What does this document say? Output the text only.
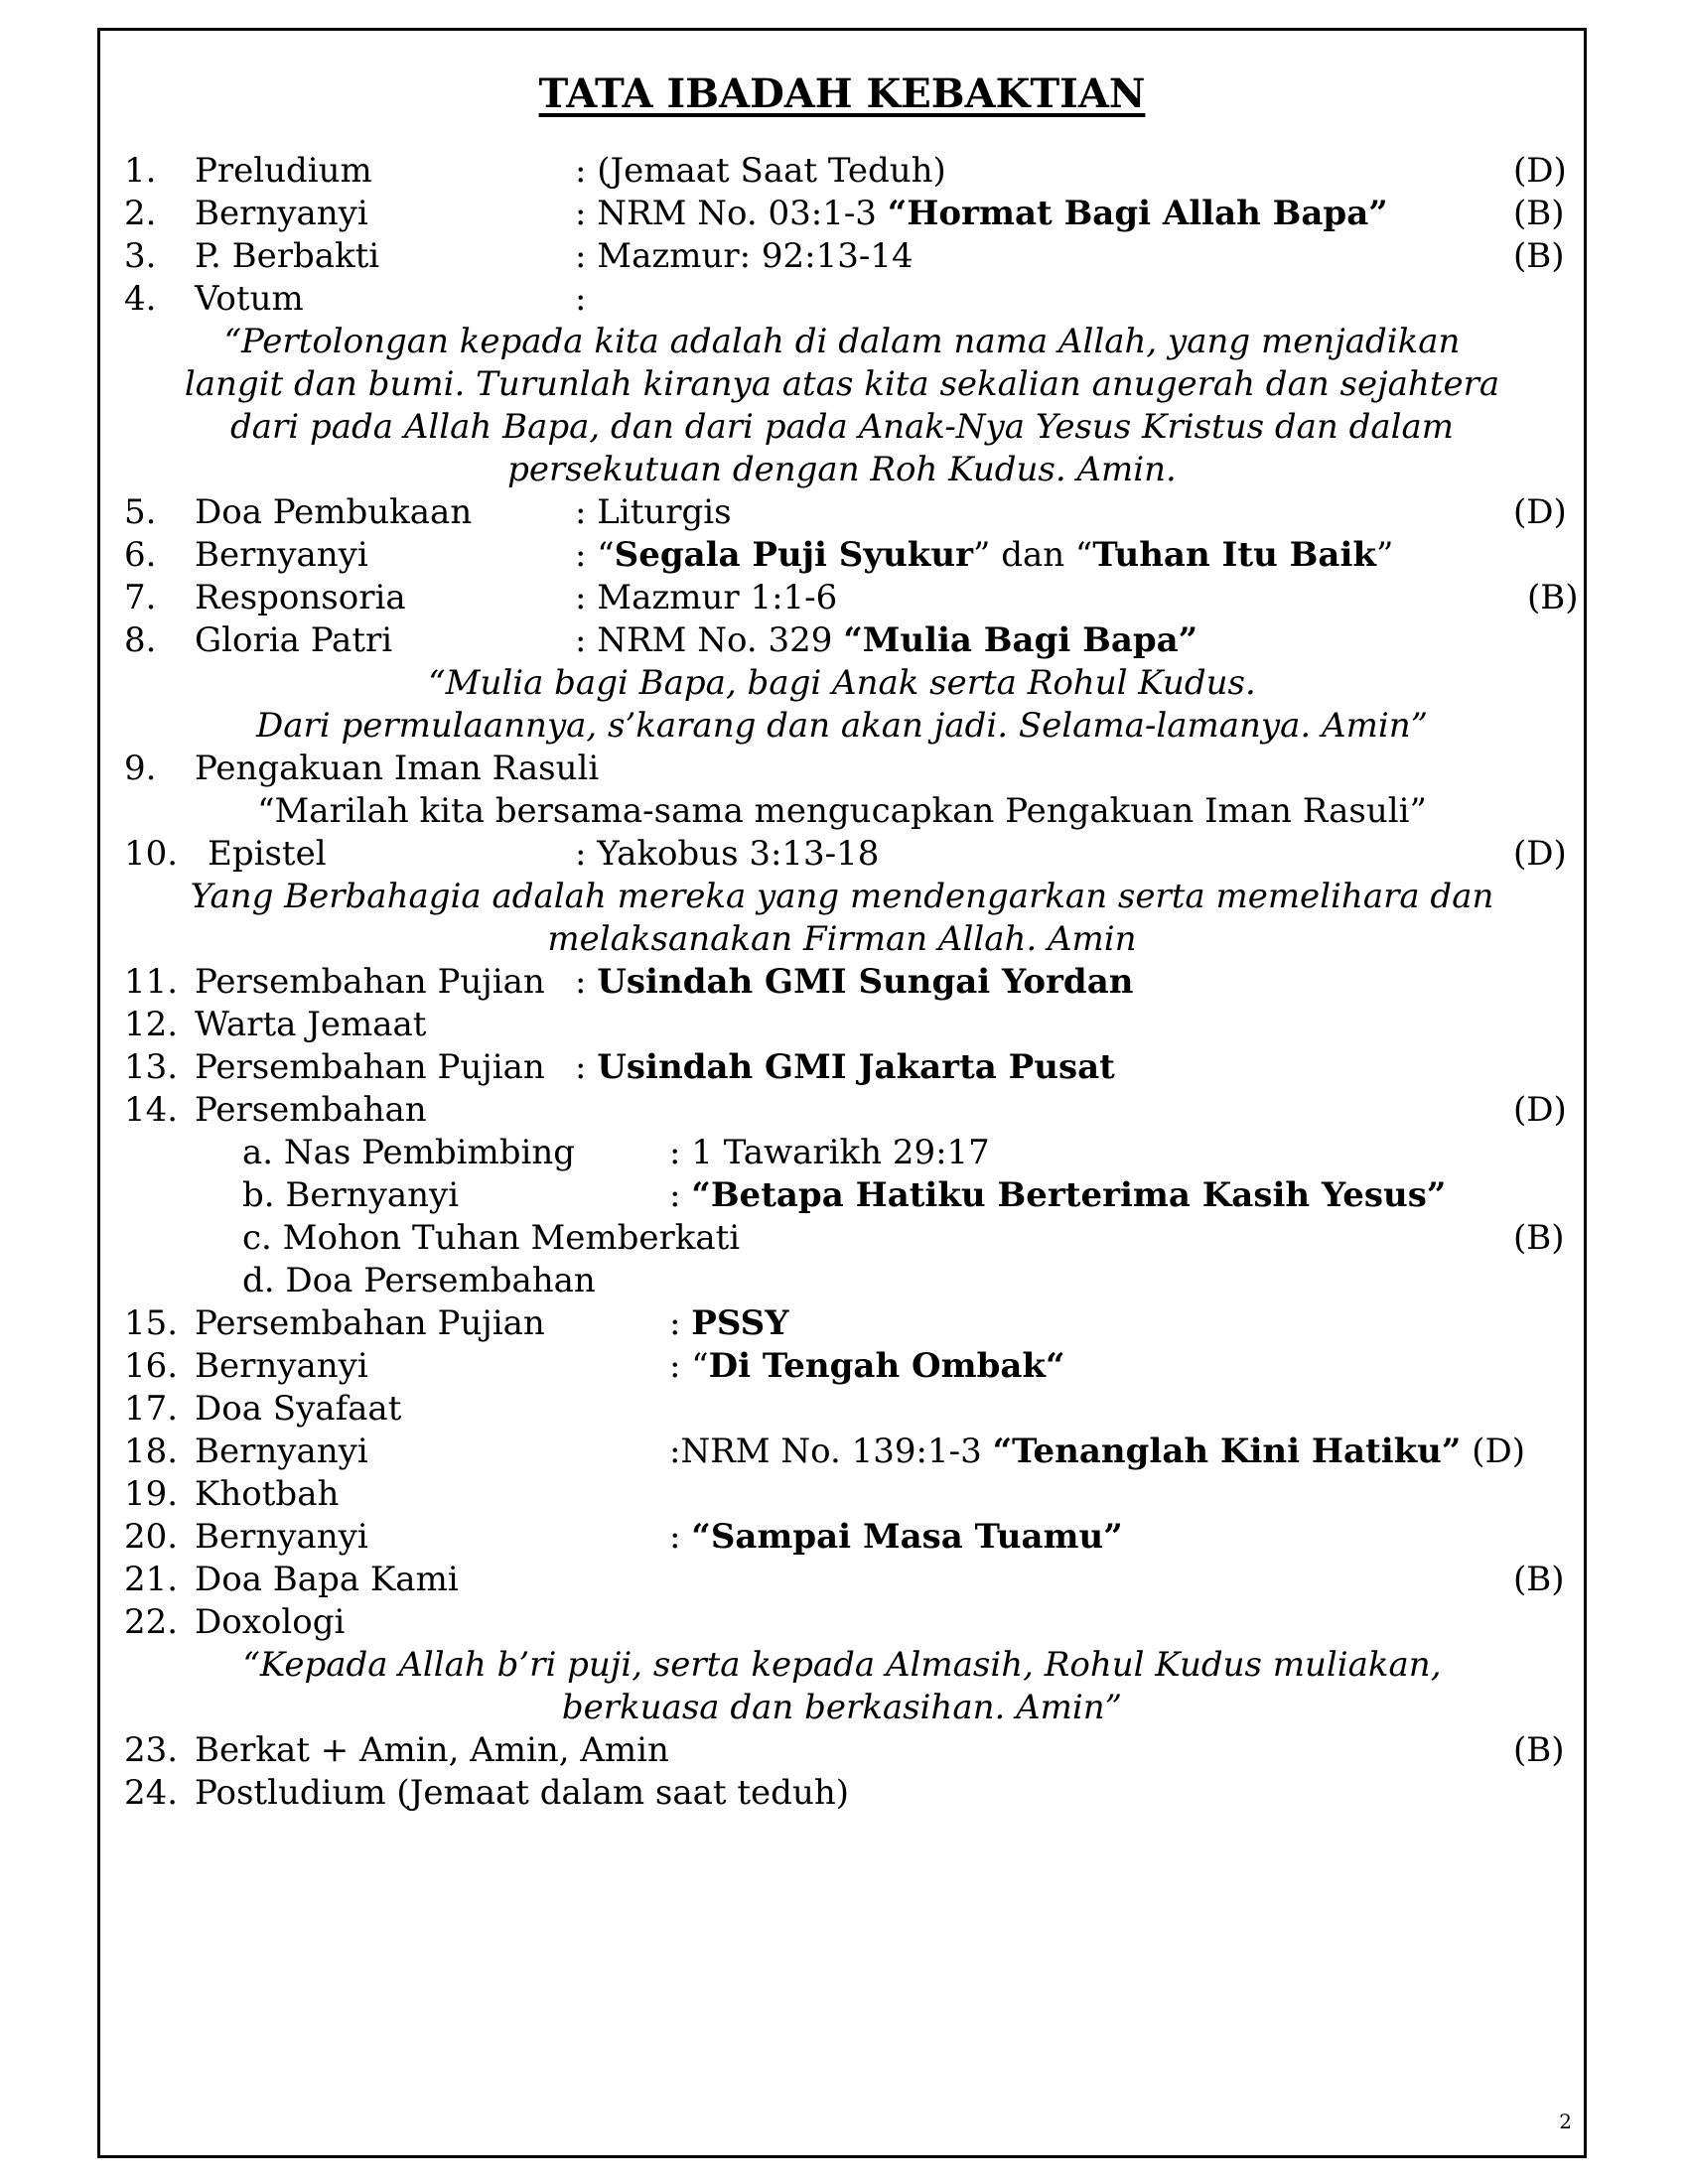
TATA IBADAH KEBAKTIAN
1. Preludium	: (Jemaat Saat Teduh)	(D)
2. Bernyanyi	: NRM No. 03:1-3 “Hormat Bagi Allah Bapa”	(B)
3. P. Berbakti	: Mazmur: 92:13-14	(B)
4. Votum	:
“Pertolongan kepada kita adalah di dalam nama Allah, yang menjadikan
langit dan bumi. Turunlah kiranya atas kita sekalian anugerah dan sejahtera
dari pada Allah Bapa, dan dari pada Anak-Nya Yesus Kristus dan dalam
persekutuan dengan Roh Kudus. Amin.
5. Doa Pembukaan	: Liturgis	(D)
6. Bernyanyi	: “Segala Puji Syukur” dan “Tuhan Itu Baik”
7. Responsoria	: Mazmur 1:1-6	(B)
8. Gloria Patri	: NRM No. 329 “Mulia Bagi Bapa”
“Mulia bagi Bapa, bagi Anak serta Rohul Kudus.
Dari permulaannya, s’karang dan akan jadi. Selama-lamanya. Amin”
9. Pengakuan Iman Rasuli
“Marilah kita bersama-sama mengucapkan Pengakuan Iman Rasuli”
10. Epistel	: Yakobus 3:13-18	(D)
Yang Berbahagia adalah mereka yang mendengarkan serta memelihara dan
melaksanakan Firman Allah. Amin
11. Persembahan Pujian : Usindah GMI Sungai Yordan
12. Warta Jemaat
13. Persembahan Pujian : Usindah GMI Jakarta Pusat
14. Persembahan	(D)
a. Nas Pembimbing	: 1 Tawarikh 29:17
b. Bernyanyi	: “Betapa Hatiku Berterima Kasih Yesus”
c. Mohon Tuhan Memberkati	(B)
d. Doa Persembahan
15. Persembahan Pujian	: PSSY
16. Bernyanyi	: “Di Tengah Ombak“
17. Doa Syafaat
18. Bernyanyi	:NRM No. 139:1-3 “Tenanglah Kini Hatiku” (D)
19. Khotbah
20. Bernyanyi	: “Sampai Masa Tuamu”
21. Doa Bapa Kami	(B)
22. Doxologi
“Kepada Allah b’ri puji, serta kepada Almasih, Rohul Kudus muliakan,
berkuasa dan berkasihan. Amin”
23. Berkat + Amin, Amin, Amin	(B)
24. Postludium (Jemaat dalam saat teduh)
2
